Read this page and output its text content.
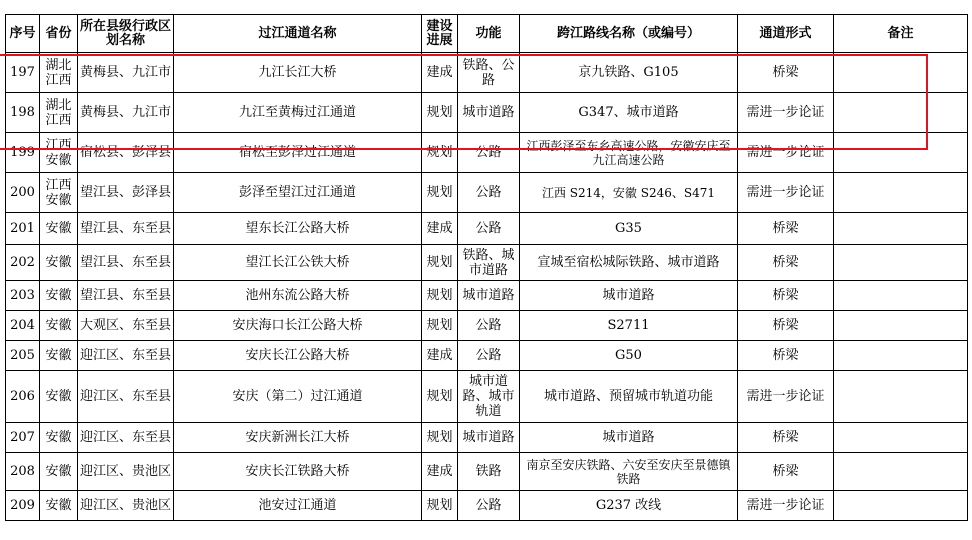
序号	省份	所在县级行政区划名称	过江通道名称	建设进展	功能	跨江路线名称（或编号）	通道形式	备注
197	湖北江西	黄梅县、九江市	九江长江大桥	建成	铁路、公路	京九铁路、G105	桥梁	
198	湖北江西	黄梅县、九江市	九江至黄梅过江通道	规划	城市道路	G347、城市道路	需进一步论证	
199	江西安徽	宿松县、彭泽县	宿松至彭泽过江通道	规划	公路	江西彭泽至东乡高速公路，安徽安庆至九江高速公路	需进一步论证	
200	江西安徽	望江县、彭泽县	彭泽至望江过江通道	规划	公路	江西 S214，安徽 S246、S471	需进一步论证	
201	安徽	望江县、东至县	望东长江公路大桥	建成	公路	G35	桥梁	
202	安徽	望江县、东至县	望江长江公铁大桥	规划	铁路、城市道路	宣城至宿松城际铁路、城市道路	桥梁	
203	安徽	望江县、东至县	池州东流公路大桥	规划	城市道路	城市道路	桥梁	
204	安徽	大观区、东至县	安庆海口长江公路大桥	规划	公路	S2711	桥梁	
205	安徽	迎江区、东至县	安庆长江公路大桥	建成	公路	G50	桥梁	
206	安徽	迎江区、东至县	安庆（第二）过江通道	规划	城市道路、城市轨道	城市道路、预留城市轨道功能	需进一步论证	
207	安徽	迎江区、东至县	安庆新洲长江大桥	规划	城市道路	城市道路	桥梁	
208	安徽	迎江区、贵池区	安庆长江铁路大桥	建成	铁路	南京至安庆铁路、六安至安庆至景德镇铁路	桥梁	
209	安徽	迎江区、贵池区	池安过江通道	规划	公路	G237 改线	需进一步论证	
